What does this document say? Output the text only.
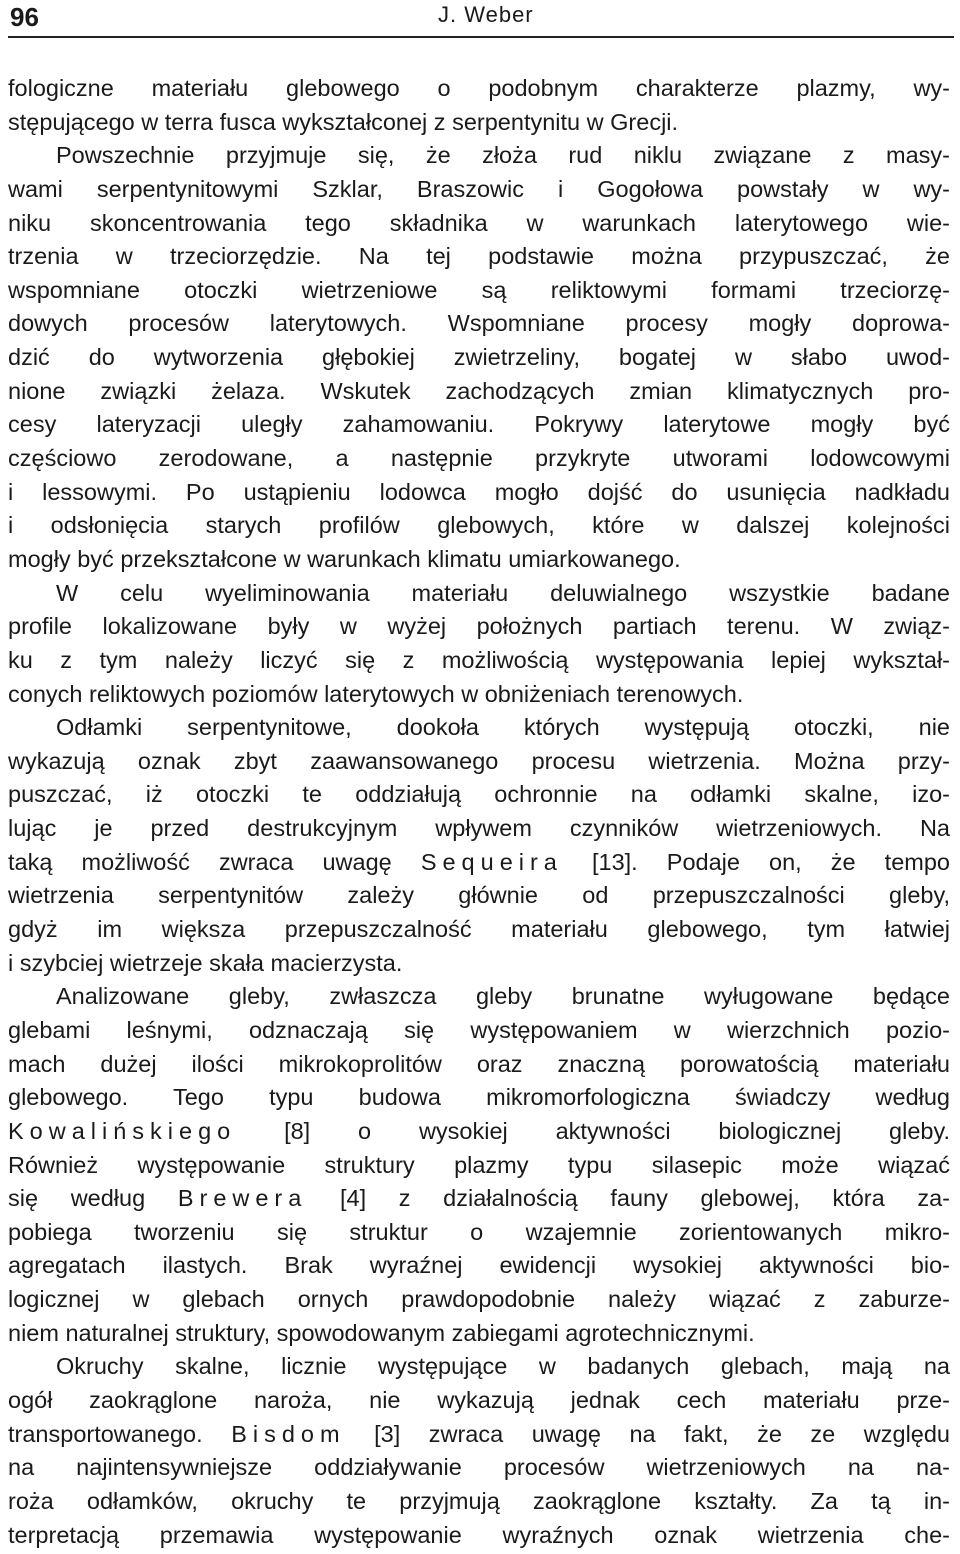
96	J. Weber
fologiczne materiału glebowego o podobnym charakterze plazmy, wy-
stępującego w terra fusca wykształconej z serpentynitu w Grecji.
Powszechnie przyjmuje się, że złoża rud niklu związane z masy-
wami serpentynitowymi Szklar, Braszowic i Gogołowa powstały w wy-
niku skoncentrowania tego składnika w warunkach laterytowego wie-
trzenia w trzeciorzędzie. Na tej podstawie można przypuszczać, że
wspomniane otoczki wietrzeniowe są reliktowymi formami trzeciorzę-
dowych procesów laterytowych. Wspomniane procesy mogły doprowa-
dzić do wytworzenia głębokiej zwietrzeliny, bogatej w słabo uwod-
nione związki żelaza. Wskutek zachodzących zmian klimatycznych pro-
cesy lateryzacji uległy zahamowaniu. Pokrywy laterytowe mogły być
częściowo zerodowane, a następnie przykryte utworami lodowcowymi
i lessowymi. Po ustąpieniu lodowca mogło dojść do usunięcia nadkładu
i odsłonięcia starych profilów glebowych, które w dalszej kolejności
mogły być przekształcone w warunkach klimatu umiarkowanego.
W celu wyeliminowania materiału deluwialnego wszystkie badane
profile lokalizowane były w wyżej położnych partiach terenu. W związ-
ku z tym należy liczyć się z możliwością występowania lepiej wykształ-
conych reliktowych poziomów laterytowych w obniżeniach terenowych.
Odłamki serpentynitowe, dookoła których występują otoczki, nie
wykazują oznak zbyt zaawansowanego procesu wietrzenia. Można przy-
puszczać, iż otoczki te oddziałują ochronnie na odłamki skalne, izo-
lując je przed destrukcyjnym wpływem czynników wietrzeniowych. Na
taką możliwość zwraca uwagę Sequeira [13]. Podaje on, że tempo
wietrzenia serpentynitów zależy głównie od przepuszczalności gleby,
gdyż im większa przepuszczalność materiału glebowego, tym łatwiej
i szybciej wietrzeje skała macierzysta.
Analizowane gleby, zwłaszcza gleby brunatne wyługowane będące
glebami leśnymi, odznaczają się występowaniem w wierzchnich pozio-
mach dużej ilości mikrokoprolitów oraz znaczną porowatością materiału
glebowego. Tego typu budowa mikromorfologiczna świadczy według
Kowalińskiego [8] o wysokiej aktywności biologicznej gleby.
Również występowanie struktury plazmy typu silasepic może wiązać
się według Brewera [4] z działalnością fauny glebowej, która za-
pobiega tworzeniu się struktur o wzajemnie zorientowanych mikro-
agregatach ilastych. Brak wyraźnej ewidencji wysokiej aktywności bio-
logicznej w glebach ornych prawdopodobnie należy wiązać z zaburze-
niem naturalnej struktury, spowodowanym zabiegami agrotechnicznymi.
Okruchy skalne, licznie występujące w badanych glebach, mają na
ogół zaokrąglone naroża, nie wykazują jednak cech materiału prze-
transportowanego. Bisdom [3] zwraca uwagę na fakt, że ze względu
na najintensywniejsze oddziaływanie procesów wietrzeniowych na na-
roża odłamków, okruchy te przyjmują zaokrąglone kształty. Za tą in-
terpretacją przemawia występowanie wyraźnych oznak wietrzenia che-
